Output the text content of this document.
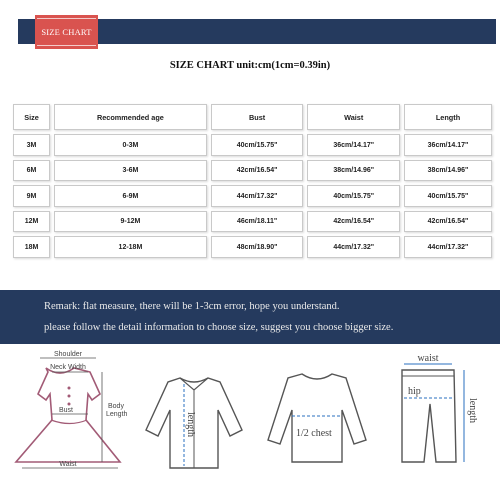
SIZE CHART
SIZE CHART unit:cm(1cm=0.39in)
Size	Recommended age	Bust	Waist	Length
3M	0-3M	40cm/15.75"	36cm/14.17"	36cm/14.17"
6M	3-6M	42cm/16.54"	38cm/14.96"	38cm/14.96"
9M	6-9M	44cm/17.32"	40cm/15.75"	40cm/15.75"
12M	9-12M	46cm/18.11"	42cm/16.54"	42cm/16.54"
18M	12-18M	48cm/18.90"	44cm/17.32"	44cm/17.32"
Remark: flat measure, there will be 1-3cm error, hope you understand.
please follow the detail information to choose size, suggest you choose bigger size.
Shoulder
Neck Width
Bust
Body
Length
Waist
length	1/2 chest
waist
hip
length
